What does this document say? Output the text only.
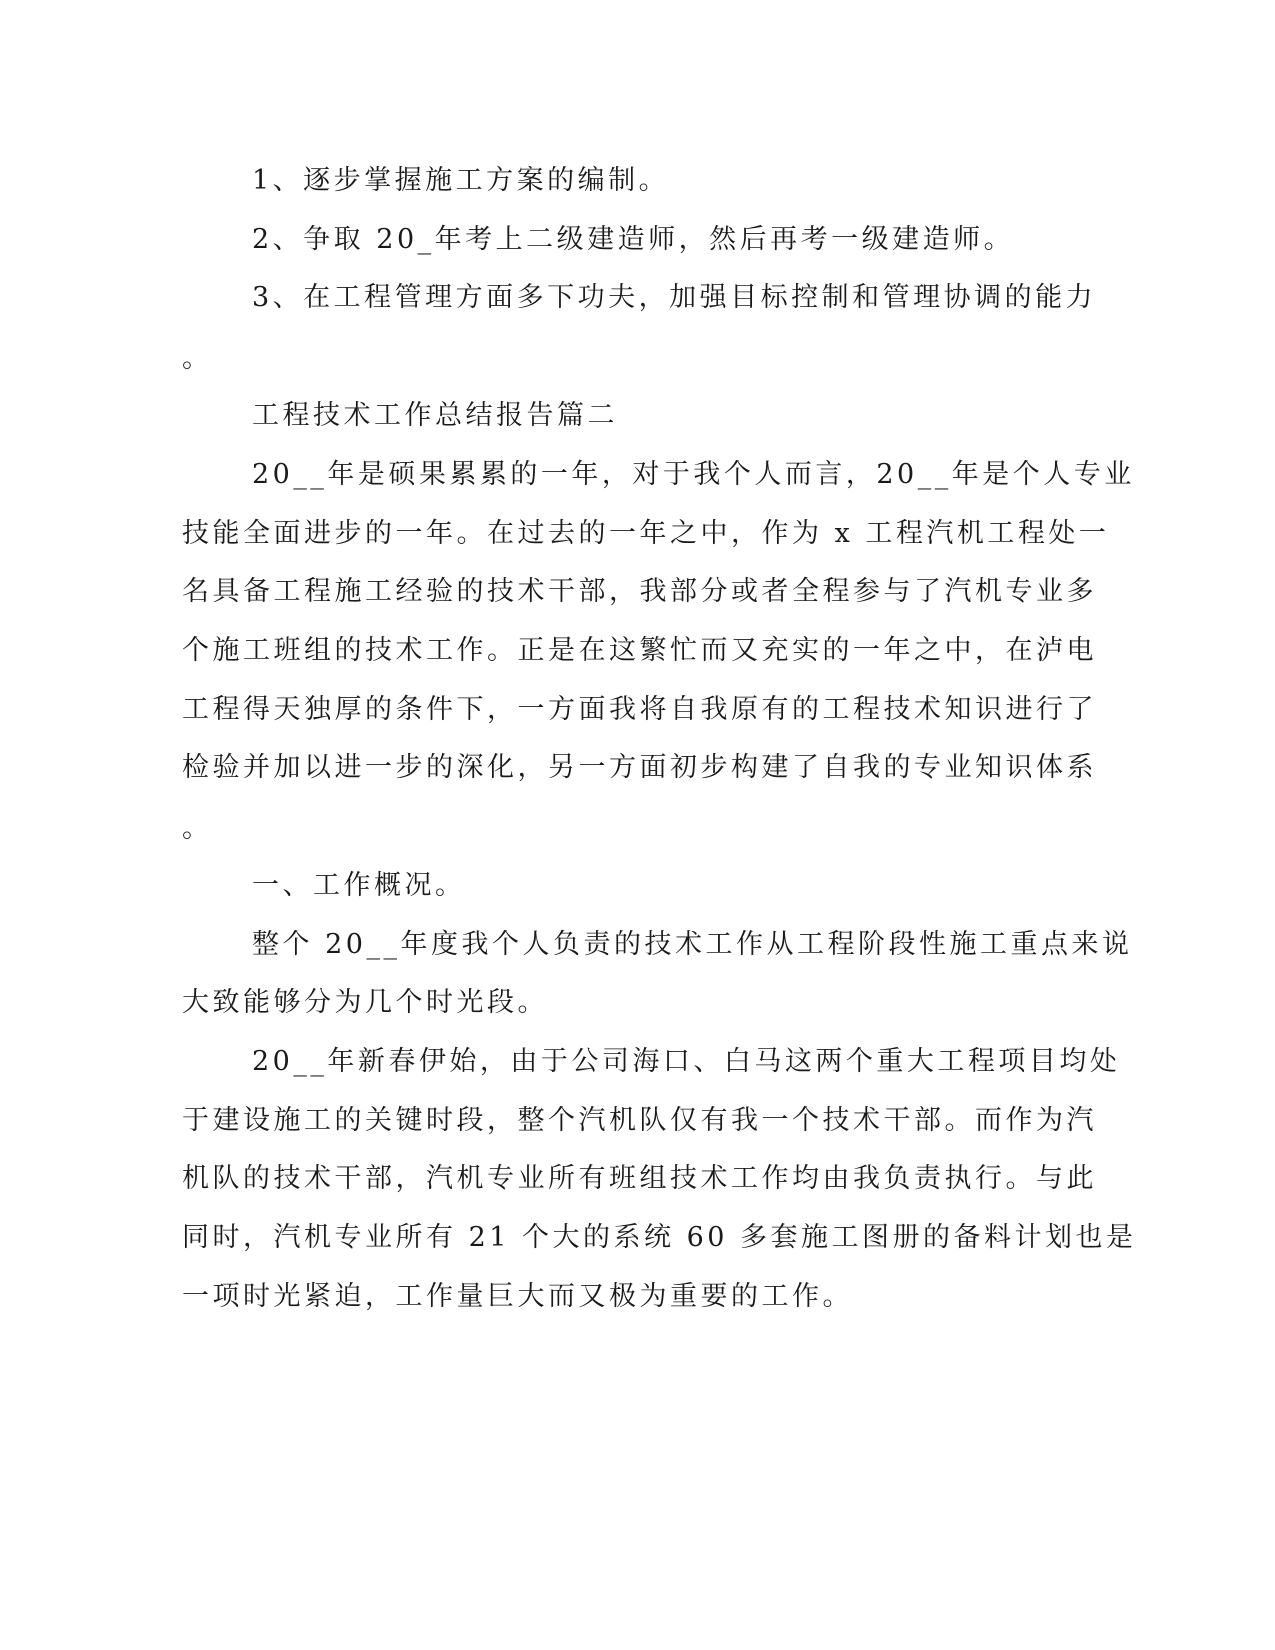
1、逐步掌握施工方案的编制。
2、争取 20_年考上二级建造师，然后再考一级建造师。
3、在工程管理方面多下功夫，加强目标控制和管理协调的能力
。
工程技术工作总结报告篇二
20__年是硕果累累的一年，对于我个人而言，20__年是个人专业
技能全面进步的一年。在过去的一年之中，作为 x 工程汽机工程处一
名具备工程施工经验的技术干部，我部分或者全程参与了汽机专业多
个施工班组的技术工作。正是在这繁忙而又充实的一年之中，在泸电
工程得天独厚的条件下，一方面我将自我原有的工程技术知识进行了
检验并加以进一步的深化，另一方面初步构建了自我的专业知识体系
。
一、工作概况。
整个 20__年度我个人负责的技术工作从工程阶段性施工重点来说
大致能够分为几个时光段。
20__年新春伊始，由于公司海口、白马这两个重大工程项目均处
于建设施工的关键时段，整个汽机队仅有我一个技术干部。而作为汽
机队的技术干部，汽机专业所有班组技术工作均由我负责执行。与此
同时，汽机专业所有 21 个大的系统 60 多套施工图册的备料计划也是
一项时光紧迫，工作量巨大而又极为重要的工作。
